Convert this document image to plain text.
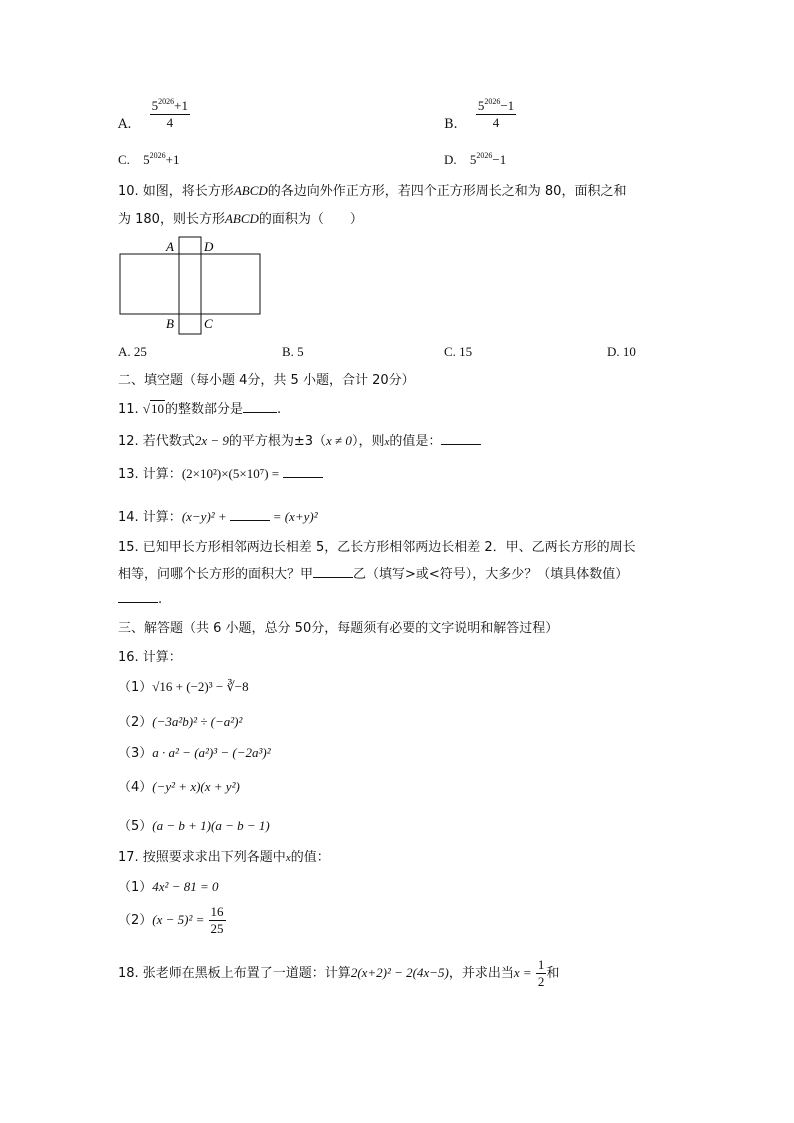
A. $\frac{5^{2026}+1}{4}$	B. $\frac{5^{2026}-1}{4}$
C. $5^{2026}+1$	D. $5^{2026}-1$
10. 如图，将长方形ABCD的各边向外作正方形，若四个正方形周长之和为 80，面积之和
为 180，则长方形ABCD的面积为（　　）
A D
B C
A. 25	B. 5	C. 15	D. 10
二、填空题（每小题 4分，共 5 小题，合计 20分）
11. √10的整数部分是	.
12. 若代数式2x − 9的平方根为±3（x ≠ 0），则x的值是：
13. 计算：(2×10²)×(5×10⁷) =
14. 计算：(x−y)² +	= (x+y)²
15. 已知甲长方形相邻两边长相差 5，乙长方形相邻两边长相差 2．甲、乙两长方形的周长
相等，问哪个长方形的面积大？甲	乙（填写>或<符号），大多少？（填具体数值）
.
三、解答题（共 6 小题，总分 50分，每题须有必要的文字说明和解答过程）
16. 计算：
（1）√16 + (−2)³ − ∛−8
（2）(−3a²b)² ÷ (−a²)²
（3）a · a² − (a²)³ − (−2a³)²
（4）(−y² + x)(x + y²)
（5）(a − b + 1)(a − b − 1)
17. 按照要求求出下列各题中x的值：
（1）4x² − 81 = 0
$(2)(x - 5)^2 = \frac{16}{25}$
18. 张老师在黑板上布置了一道题：计算2(x+2)² − 2(4x−5)，并求出当$x = \frac{1}{2}$ 和
